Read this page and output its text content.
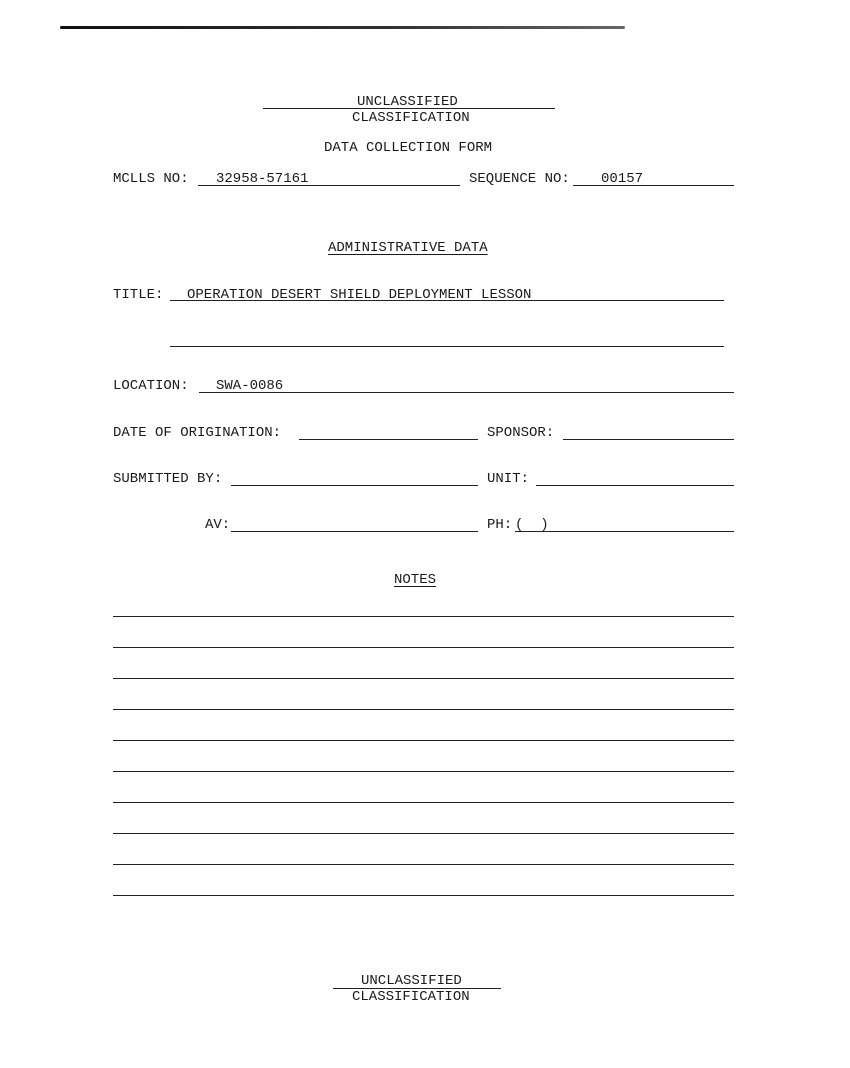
UNCLASSIFIED
CLASSIFICATION
DATA COLLECTION FORM
MCLLS NO: 32958-57161	SEQUENCE NO: 00157
ADMINISTRATIVE DATA
TITLE: OPERATION DESERT SHIELD DEPLOYMENT LESSON
LOCATION: SWA-0086
DATE OF ORIGINATION:	SPONSOR:
SUBMITTED BY:	UNIT:
AV:	PH: (  )
NOTES
UNCLASSIFIED
CLASSIFICATION
